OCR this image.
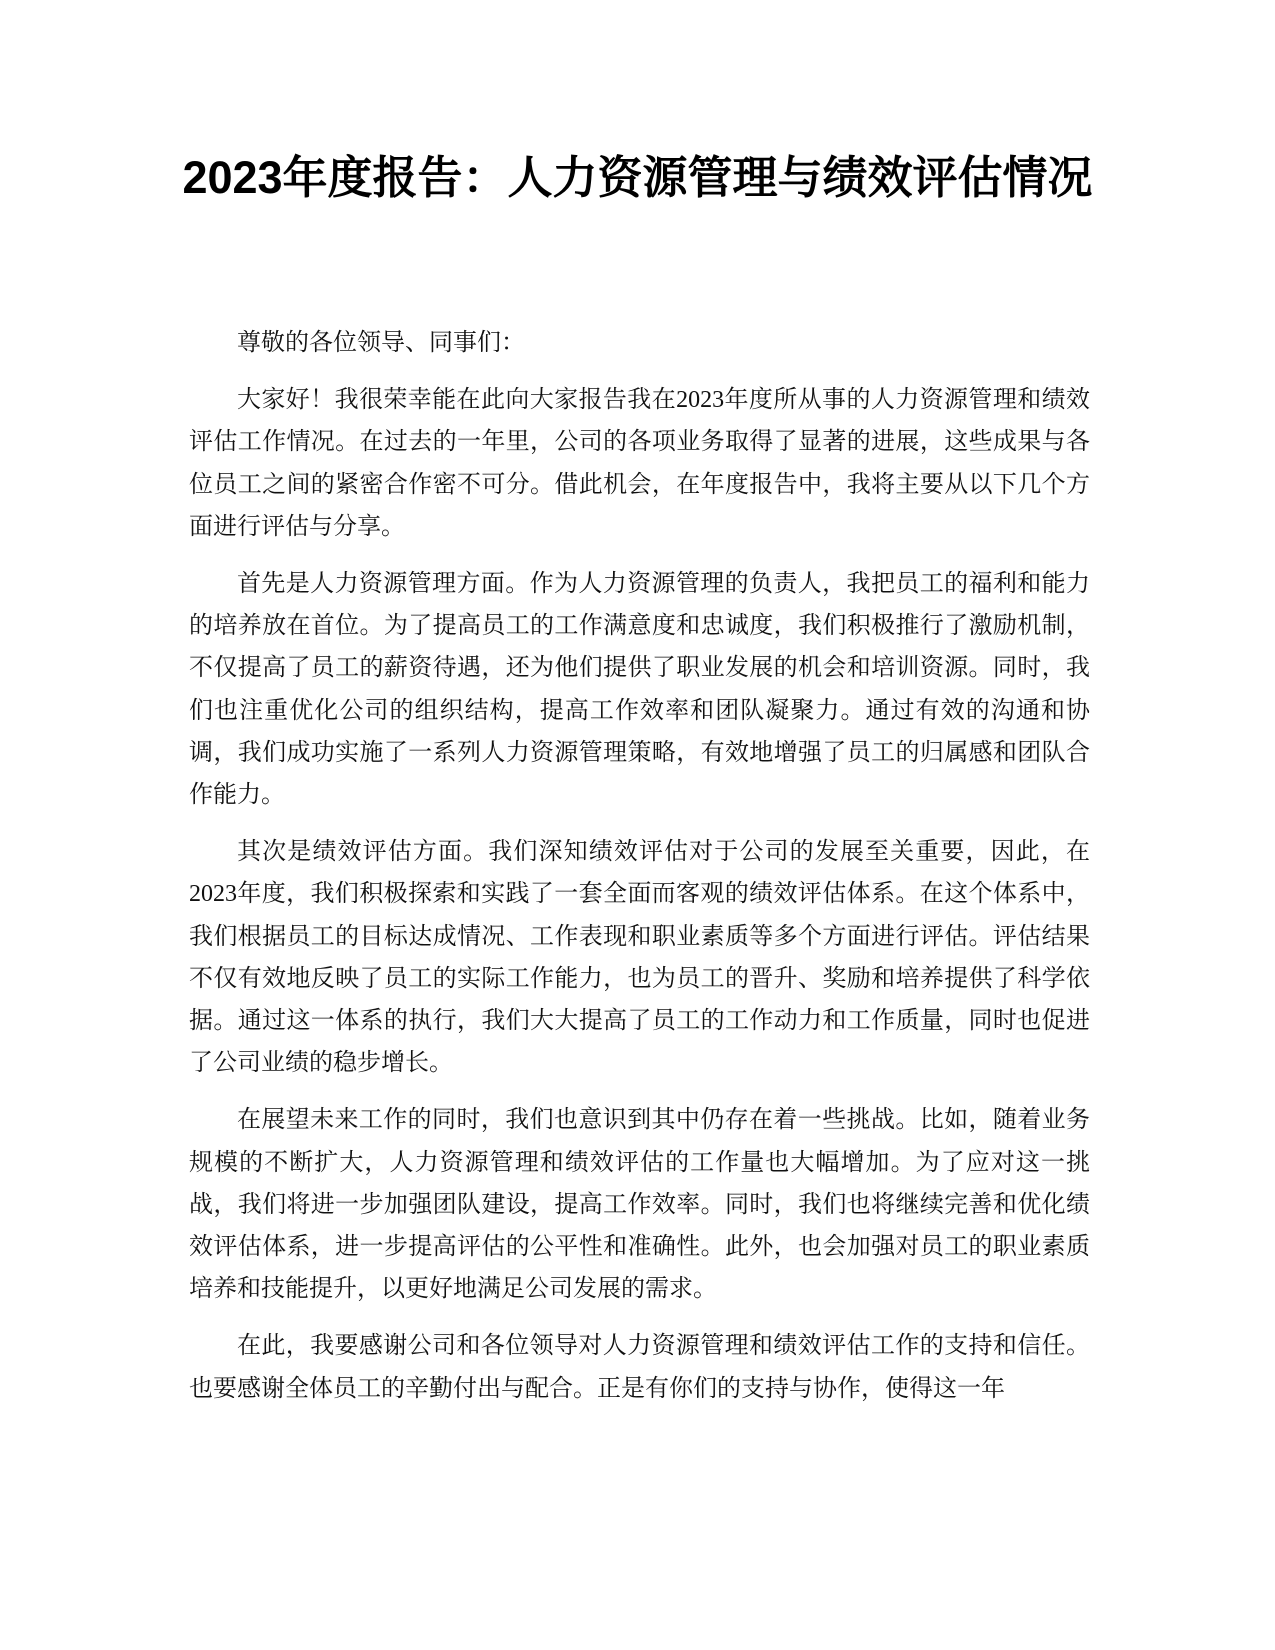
2023年度报告：人力资源管理与绩效评估情况

尊敬的各位领导、同事们：

大家好！我很荣幸能在此向大家报告我在2023年度所从事的人力资源管理和绩效评估工作情况。在过去的一年里，公司的各项业务取得了显著的进展，这些成果与各位员工之间的紧密合作密不可分。借此机会，在年度报告中，我将主要从以下几个方面进行评估与分享。

首先是人力资源管理方面。作为人力资源管理的负责人，我把员工的福利和能力的培养放在首位。为了提高员工的工作满意度和忠诚度，我们积极推行了激励机制，不仅提高了员工的薪资待遇，还为他们提供了职业发展的机会和培训资源。同时，我们也注重优化公司的组织结构，提高工作效率和团队凝聚力。通过有效的沟通和协调，我们成功实施了一系列人力资源管理策略，有效地增强了员工的归属感和团队合作能力。

其次是绩效评估方面。我们深知绩效评估对于公司的发展至关重要，因此，在2023年度，我们积极探索和实践了一套全面而客观的绩效评估体系。在这个体系中，我们根据员工的目标达成情况、工作表现和职业素质等多个方面进行评估。评估结果不仅有效地反映了员工的实际工作能力，也为员工的晋升、奖励和培养提供了科学依据。通过这一体系的执行，我们大大提高了员工的工作动力和工作质量，同时也促进了公司业绩的稳步增长。

在展望未来工作的同时，我们也意识到其中仍存在着一些挑战。比如，随着业务规模的不断扩大，人力资源管理和绩效评估的工作量也大幅增加。为了应对这一挑战，我们将进一步加强团队建设，提高工作效率。同时，我们也将继续完善和优化绩效评估体系，进一步提高评估的公平性和准确性。此外，也会加强对员工的职业素质培养和技能提升，以更好地满足公司发展的需求。

在此，我要感谢公司和各位领导对人力资源管理和绩效评估工作的支持和信任。也要感谢全体员工的辛勤付出与配合。正是有你们的支持与协作，使得这一年
